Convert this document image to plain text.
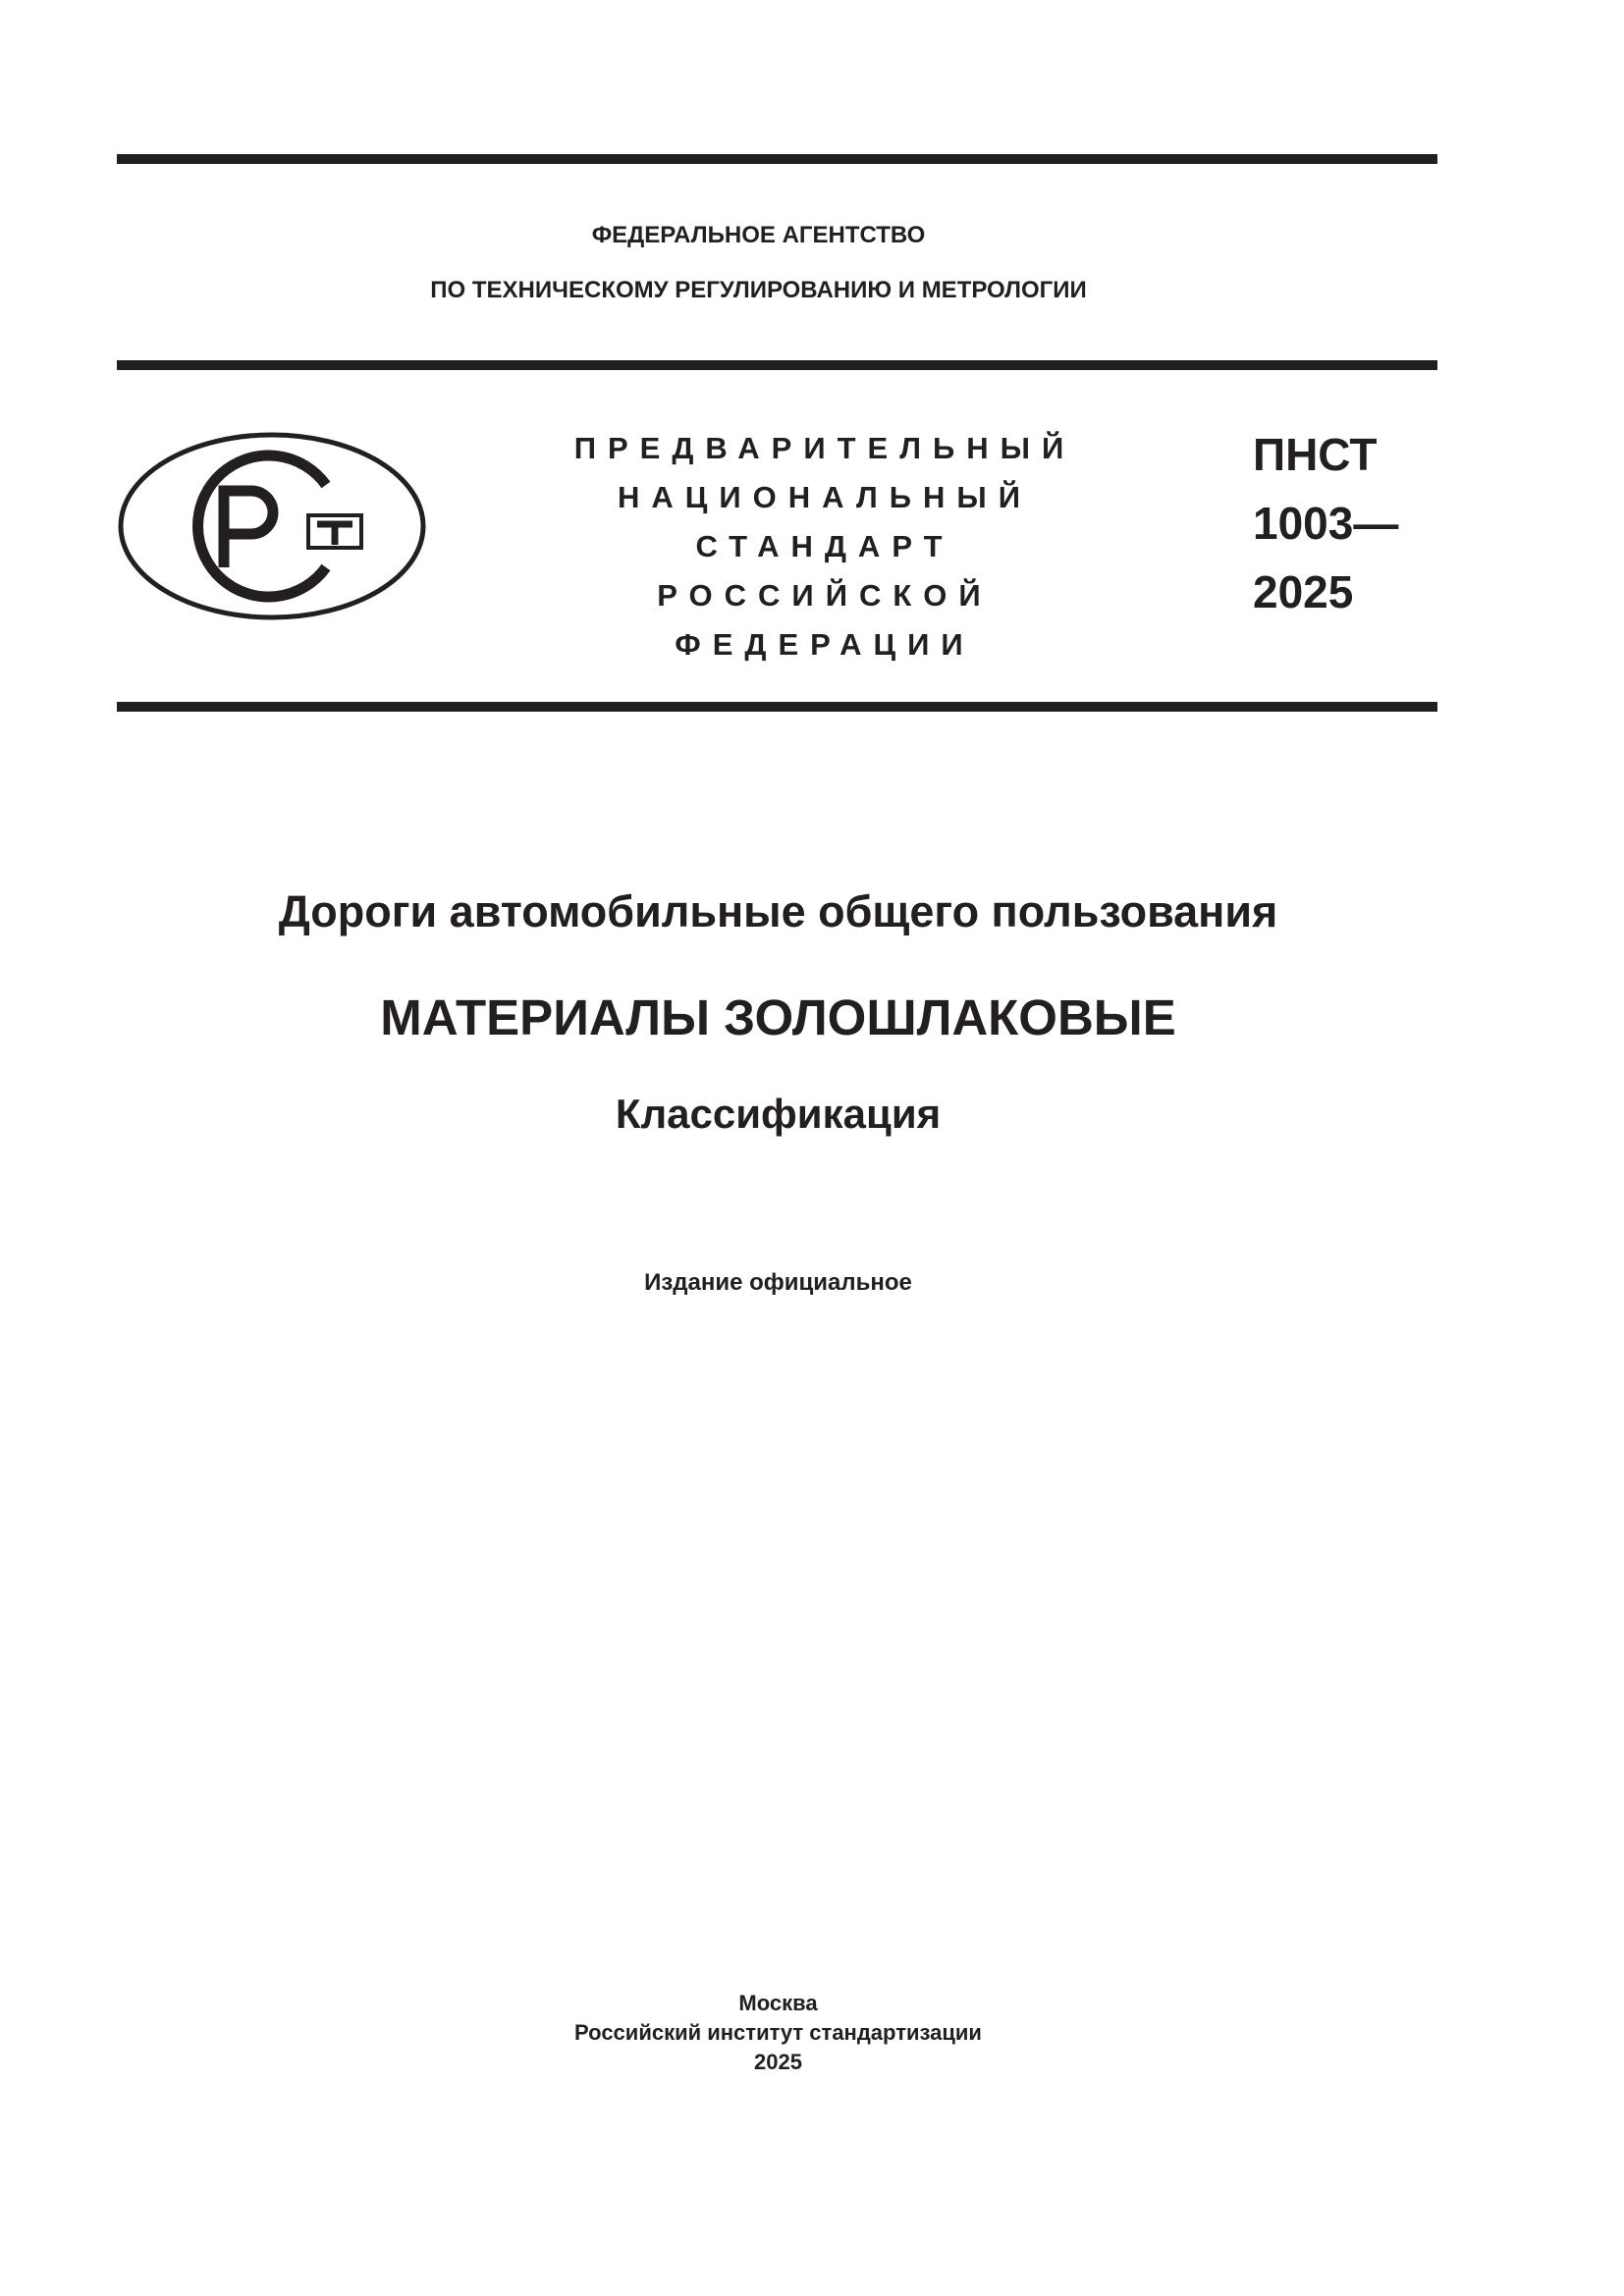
ФЕДЕРАЛЬНОЕ АГЕНТСТВО
ПО ТЕХНИЧЕСКОМУ РЕГУЛИРОВАНИЮ И МЕТРОЛОГИИ
ПРЕДВАРИТЕЛЬНЫЙ
НАЦИОНАЛЬНЫЙ
СТАНДАРТ
РОССИЙСКОЙ
ФЕДЕРАЦИИ
ПНСТ
1003—
2025
Дороги автомобильные общего пользования
МАТЕРИАЛЫ ЗОЛОШЛАКОВЫЕ
Классификация
Издание официальное
Москва
Российский институт стандартизации
2025
